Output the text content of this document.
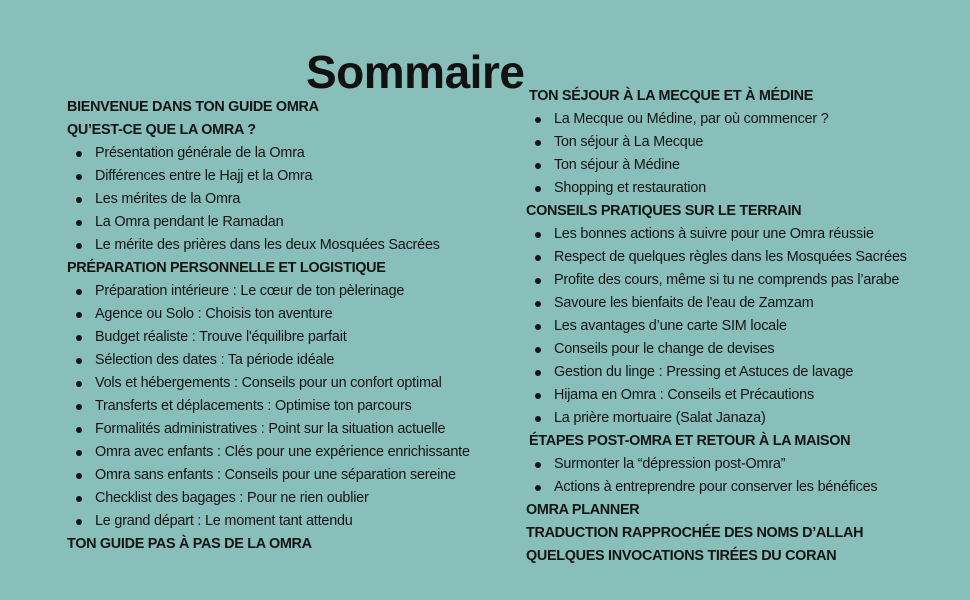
Sommaire
BIENVENUE DANS TON GUIDE OMRA
QU’EST-CE QUE LA OMRA ?
Présentation générale de la Omra
Différences entre le Hajj et la Omra
Les mérites de la Omra
La Omra pendant le Ramadan
Le mérite des prières dans les deux Mosquées Sacrées
PRÉPARATION PERSONNELLE ET LOGISTIQUE
Préparation intérieure : Le cœur de ton pèlerinage
Agence ou Solo : Choisis ton aventure
Budget réaliste : Trouve l'équilibre parfait
Sélection des dates : Ta période idéale
Vols et hébergements : Conseils pour un confort optimal
Transferts et déplacements : Optimise ton parcours
Formalités administratives : Point sur la situation actuelle
Omra avec enfants : Clés pour une expérience enrichissante
Omra sans enfants : Conseils pour une séparation sereine
Checklist des bagages : Pour ne rien oublier
Le grand départ : Le moment tant attendu
TON GUIDE PAS À PAS DE LA OMRA
TON SÉJOUR À LA MECQUE ET À MÉDINE
La Mecque ou Médine, par où commencer ?
Ton séjour à La Mecque
Ton séjour à Médine
Shopping et restauration
CONSEILS PRATIQUES SUR LE TERRAIN
Les bonnes actions à suivre pour une Omra réussie
Respect de quelques règles dans les Mosquées Sacrées
Profite des cours, même si tu ne comprends pas l’arabe
Savoure les bienfaits de l'eau de Zamzam
Les avantages d’une carte SIM locale
Conseils pour le change de devises
Gestion du linge : Pressing et Astuces de lavage
Hijama en Omra : Conseils et Précautions
La prière mortuaire (Salat Janaza)
ÉTAPES POST-OMRA ET RETOUR À LA MAISON
Surmonter la “dépression post-Omra”
Actions à entreprendre pour conserver les bénéfices
OMRA PLANNER
TRADUCTION RAPPROCHÉE DES NOMS D’ALLAH
QUELQUES INVOCATIONS TIRÉES DU CORAN
